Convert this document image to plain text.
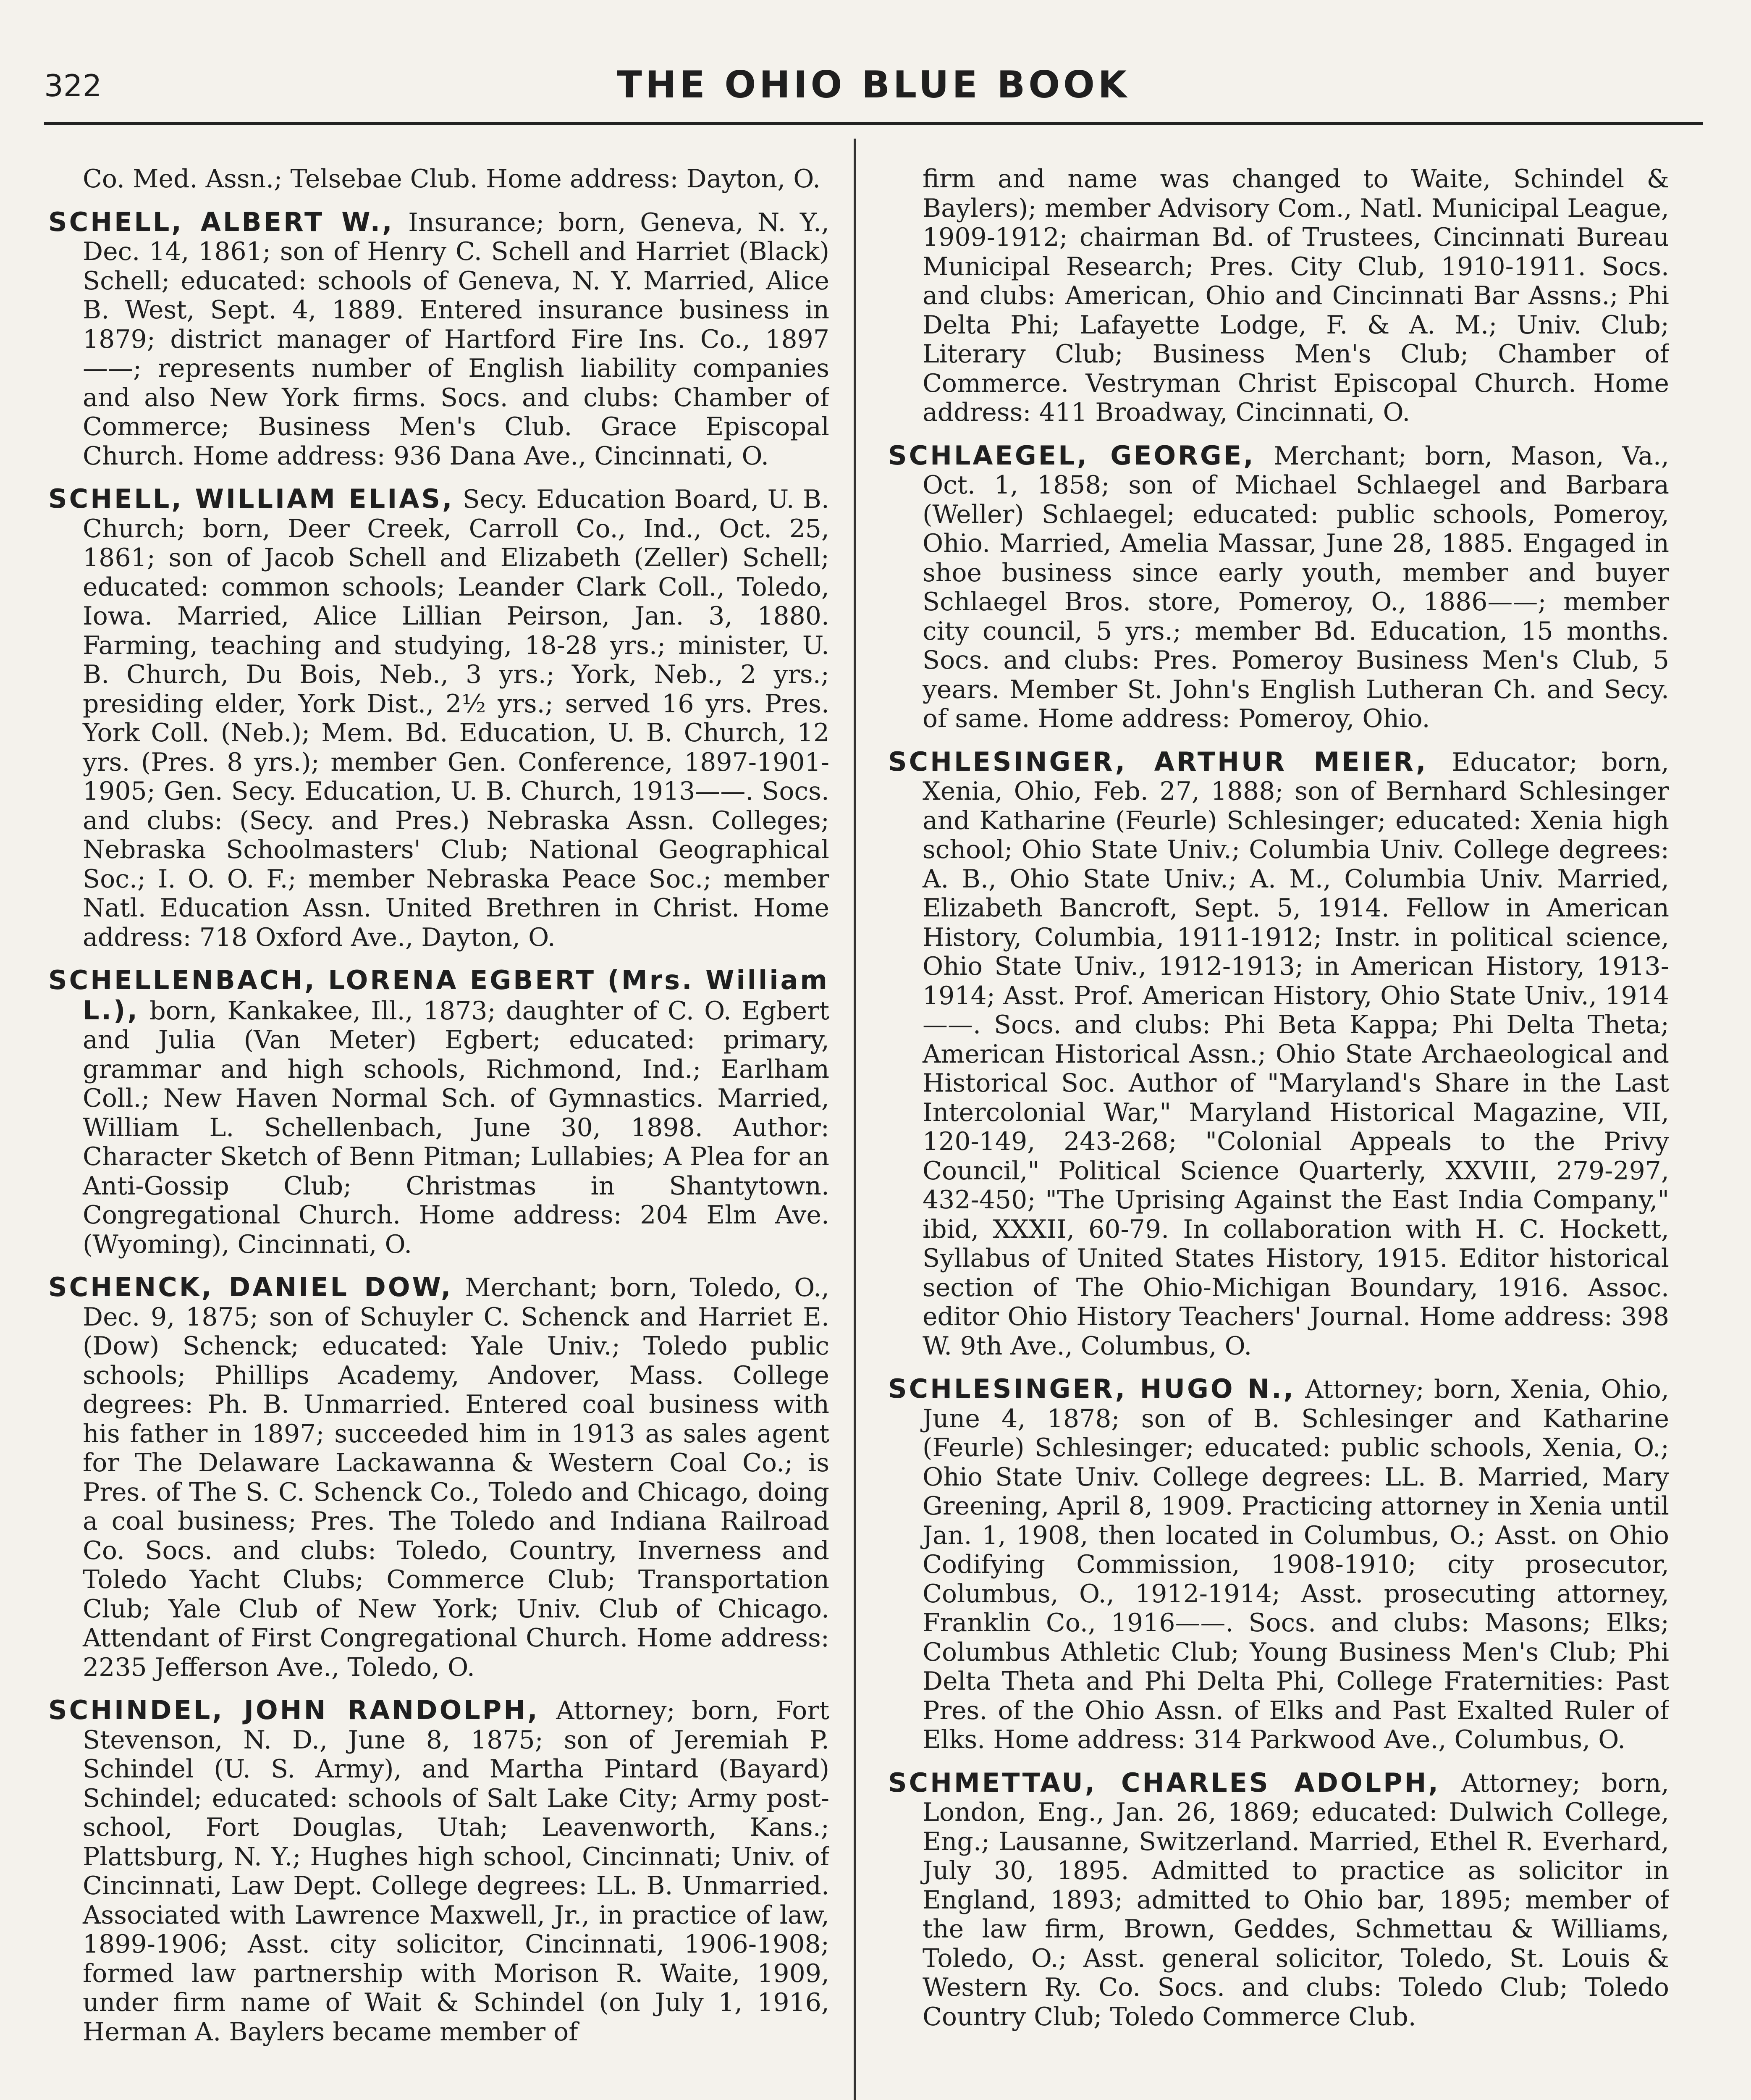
322	THE OHIO BLUE BOOK

Co. Med. Assn.; Telsebae Club. Home address: Dayton, O.

SCHELL, ALBERT W., Insurance; born, Geneva, N. Y., Dec. 14, 1861; son of Henry C. Schell and Harriet (Black) Schell; educated: schools of Geneva, N. Y. Married, Alice B. West, Sept. 4, 1889. Entered insurance business in 1879; district manager of Hartford Fire Ins. Co., 1897——; represents number of English liability companies and also New York firms. Socs. and clubs: Chamber of Commerce; Business Men's Club. Grace Episcopal Church. Home address: 936 Dana Ave., Cincinnati, O.

SCHELL, WILLIAM ELIAS, Secy. Education Board, U. B. Church; born, Deer Creek, Carroll Co., Ind., Oct. 25, 1861; son of Jacob Schell and Elizabeth (Zeller) Schell; educated: common schools; Leander Clark Coll., Toledo, Iowa. Married, Alice Lillian Peirson, Jan. 3, 1880. Farming, teaching and studying, 18-28 yrs.; minister, U. B. Church, Du Bois, Neb., 3 yrs.; York, Neb., 2 yrs.; presiding elder, York Dist., 2½ yrs.; served 16 yrs. Pres. York Coll. (Neb.); Mem. Bd. Education, U. B. Church, 12 yrs. (Pres. 8 yrs.); member Gen. Conference, 1897-1901-1905; Gen. Secy. Education, U. B. Church, 1913——. Socs. and clubs: (Secy. and Pres.) Nebraska Assn. Colleges; Nebraska Schoolmasters' Club; National Geographical Soc.; I. O. O. F.; member Nebraska Peace Soc.; member Natl. Education Assn. United Brethren in Christ. Home address: 718 Oxford Ave., Dayton, O.

SCHELLENBACH, LORENA EGBERT (Mrs. William L.), born, Kankakee, Ill., 1873; daughter of C. O. Egbert and Julia (Van Meter) Egbert; educated: primary, grammar and high schools, Richmond, Ind.; Earlham Coll.; New Haven Normal Sch. of Gymnastics. Married, William L. Schellenbach, June 30, 1898. Author: Character Sketch of Benn Pitman; Lullabies; A Plea for an Anti-Gossip Club; Christmas in Shantytown. Congregational Church. Home address: 204 Elm Ave. (Wyoming), Cincinnati, O.

SCHENCK, DANIEL DOW, Merchant; born, Toledo, O., Dec. 9, 1875; son of Schuyler C. Schenck and Harriet E. (Dow) Schenck; educated: Yale Univ.; Toledo public schools; Phillips Academy, Andover, Mass. College degrees: Ph. B. Unmarried. Entered coal business with his father in 1897; succeeded him in 1913 as sales agent for The Delaware Lackawanna & Western Coal Co.; is Pres. of The S. C. Schenck Co., Toledo and Chicago, doing a coal business; Pres. The Toledo and Indiana Railroad Co. Socs. and clubs: Toledo, Country, Inverness and Toledo Yacht Clubs; Commerce Club; Transportation Club; Yale Club of New York; Univ. Club of Chicago. Attendant of First Congregational Church. Home address: 2235 Jefferson Ave., Toledo, O.

SCHINDEL, JOHN RANDOLPH, Attorney; born, Fort Stevenson, N. D., June 8, 1875; son of Jeremiah P. Schindel (U. S. Army), and Martha Pintard (Bayard) Schindel; educated: schools of Salt Lake City; Army post-school, Fort Douglas, Utah; Leavenworth, Kans.; Plattsburg, N. Y.; Hughes high school, Cincinnati; Univ. of Cincinnati, Law Dept. College degrees: LL. B. Unmarried. Associated with Lawrence Maxwell, Jr., in practice of law, 1899-1906; Asst. city solicitor, Cincinnati, 1906-1908; formed law partnership with Morison R. Waite, 1909, under firm name of Wait & Schindel (on July 1, 1916, Herman A. Baylers became member of

firm and name was changed to Waite, Schindel & Baylers); member Advisory Com., Natl. Municipal League, 1909-1912; chairman Bd. of Trustees, Cincinnati Bureau Municipal Research; Pres. City Club, 1910-1911. Socs. and clubs: American, Ohio and Cincinnati Bar Assns.; Phi Delta Phi; Lafayette Lodge, F. & A. M.; Univ. Club; Literary Club; Business Men's Club; Chamber of Commerce. Vestryman Christ Episcopal Church. Home address: 411 Broadway, Cincinnati, O.

SCHLAEGEL, GEORGE, Merchant; born, Mason, Va., Oct. 1, 1858; son of Michael Schlaegel and Barbara (Weller) Schlaegel; educated: public schools, Pomeroy, Ohio. Married, Amelia Massar, June 28, 1885. Engaged in shoe business since early youth, member and buyer Schlaegel Bros. store, Pomeroy, O., 1886——; member city council, 5 yrs.; member Bd. Education, 15 months. Socs. and clubs: Pres. Pomeroy Business Men's Club, 5 years. Member St. John's English Lutheran Ch. and Secy. of same. Home address: Pomeroy, Ohio.

SCHLESINGER, ARTHUR MEIER, Educator; born, Xenia, Ohio, Feb. 27, 1888; son of Bernhard Schlesinger and Katharine (Feurle) Schlesinger; educated: Xenia high school; Ohio State Univ.; Columbia Univ. College degrees: A. B., Ohio State Univ.; A. M., Columbia Univ. Married, Elizabeth Bancroft, Sept. 5, 1914. Fellow in American History, Columbia, 1911-1912; Instr. in political science, Ohio State Univ., 1912-1913; in American History, 1913-1914; Asst. Prof. American History, Ohio State Univ., 1914——. Socs. and clubs: Phi Beta Kappa; Phi Delta Theta; American Historical Assn.; Ohio State Archaeological and Historical Soc. Author of "Maryland's Share in the Last Intercolonial War," Maryland Historical Magazine, VII, 120-149, 243-268; "Colonial Appeals to the Privy Council," Political Science Quarterly, XXVIII, 279-297, 432-450; "The Uprising Against the East India Company," ibid, XXXII, 60-79. In collaboration with H. C. Hockett, Syllabus of United States History, 1915. Editor historical section of The Ohio-Michigan Boundary, 1916. Assoc. editor Ohio History Teachers' Journal. Home address: 398 W. 9th Ave., Columbus, O.

SCHLESINGER, HUGO N., Attorney; born, Xenia, Ohio, June 4, 1878; son of B. Schlesinger and Katharine (Feurle) Schlesinger; educated: public schools, Xenia, O.; Ohio State Univ. College degrees: LL. B. Married, Mary Greening, April 8, 1909. Practicing attorney in Xenia until Jan. 1, 1908, then located in Columbus, O.; Asst. on Ohio Codifying Commission, 1908-1910; city prosecutor, Columbus, O., 1912-1914; Asst. prosecuting attorney, Franklin Co., 1916——. Socs. and clubs: Masons; Elks; Columbus Athletic Club; Young Business Men's Club; Phi Delta Theta and Phi Delta Phi, College Fraternities: Past Pres. of the Ohio Assn. of Elks and Past Exalted Ruler of Elks. Home address: 314 Parkwood Ave., Columbus, O.

SCHMETTAU, CHARLES ADOLPH, Attorney; born, London, Eng., Jan. 26, 1869; educated: Dulwich College, Eng.; Lausanne, Switzerland. Married, Ethel R. Everhard, July 30, 1895. Admitted to practice as solicitor in England, 1893; admitted to Ohio bar, 1895; member of the law firm, Brown, Geddes, Schmettau & Williams, Toledo, O.; Asst. general solicitor, Toledo, St. Louis & Western Ry. Co. Socs. and clubs: Toledo Club; Toledo Country Club; Toledo Commerce Club.
